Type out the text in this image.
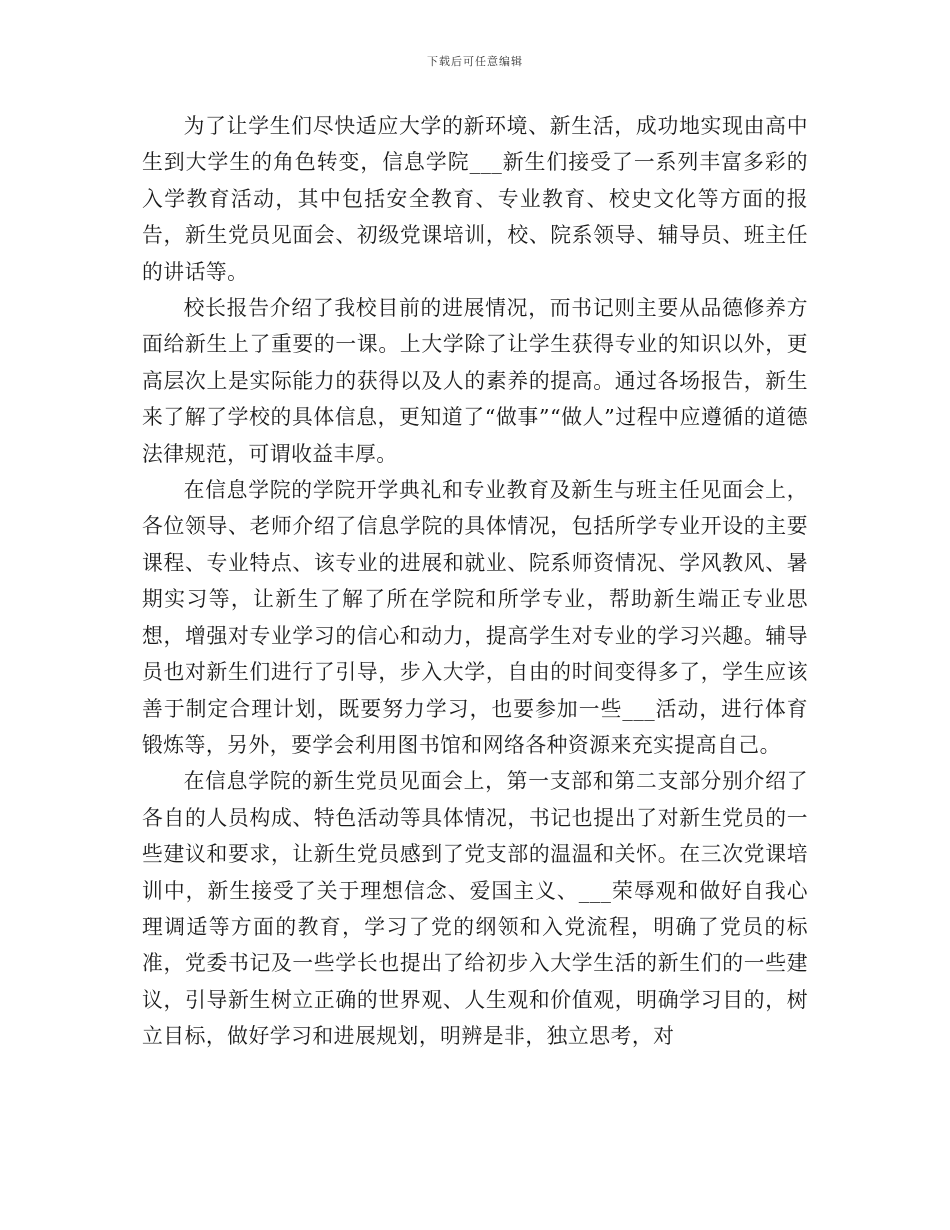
下载后可任意编辑

为了让学生们尽快适应大学的新环境、新生活，成功地实现由高中生到大学生的角色转变，信息学院___新生们接受了一系列丰富多彩的入学教育活动，其中包括安全教育、专业教育、校史文化等方面的报告，新生党员见面会、初级党课培训，校、院系领导、辅导员、班主任的讲话等。

校长报告介绍了我校目前的进展情况，而书记则主要从品德修养方面给新生上了重要的一课。上大学除了让学生获得专业的知识以外，更高层次上是实际能力的获得以及人的素养的提高。通过各场报告，新生来了解了学校的具体信息，更知道了“做事”“做人”过程中应遵循的道德法律规范，可谓收益丰厚。

在信息学院的学院开学典礼和专业教育及新生与班主任见面会上，各位领导、老师介绍了信息学院的具体情况，包括所学专业开设的主要课程、专业特点、该专业的进展和就业、院系师资情况、学风教风、暑期实习等，让新生了解了所在学院和所学专业，帮助新生端正专业思想，增强对专业学习的信心和动力，提高学生对专业的学习兴趣。辅导员也对新生们进行了引导，步入大学，自由的时间变得多了，学生应该善于制定合理计划，既要努力学习，也要参加一些___活动，进行体育锻炼等，另外，要学会利用图书馆和网络各种资源来充实提高自己。

在信息学院的新生党员见面会上，第一支部和第二支部分别介绍了各自的人员构成、特色活动等具体情况，书记也提出了对新生党员的一些建议和要求，让新生党员感到了党支部的温温和关怀。在三次党课培训中，新生接受了关于理想信念、爱国主义、___荣辱观和做好自我心理调适等方面的教育，学习了党的纲领和入党流程，明确了党员的标准，党委书记及一些学长也提出了给初步入大学生活的新生们的一些建议，引导新生树立正确的世界观、人生观和价值观，明确学习目的，树立目标，做好学习和进展规划，明辨是非，独立思考，对
